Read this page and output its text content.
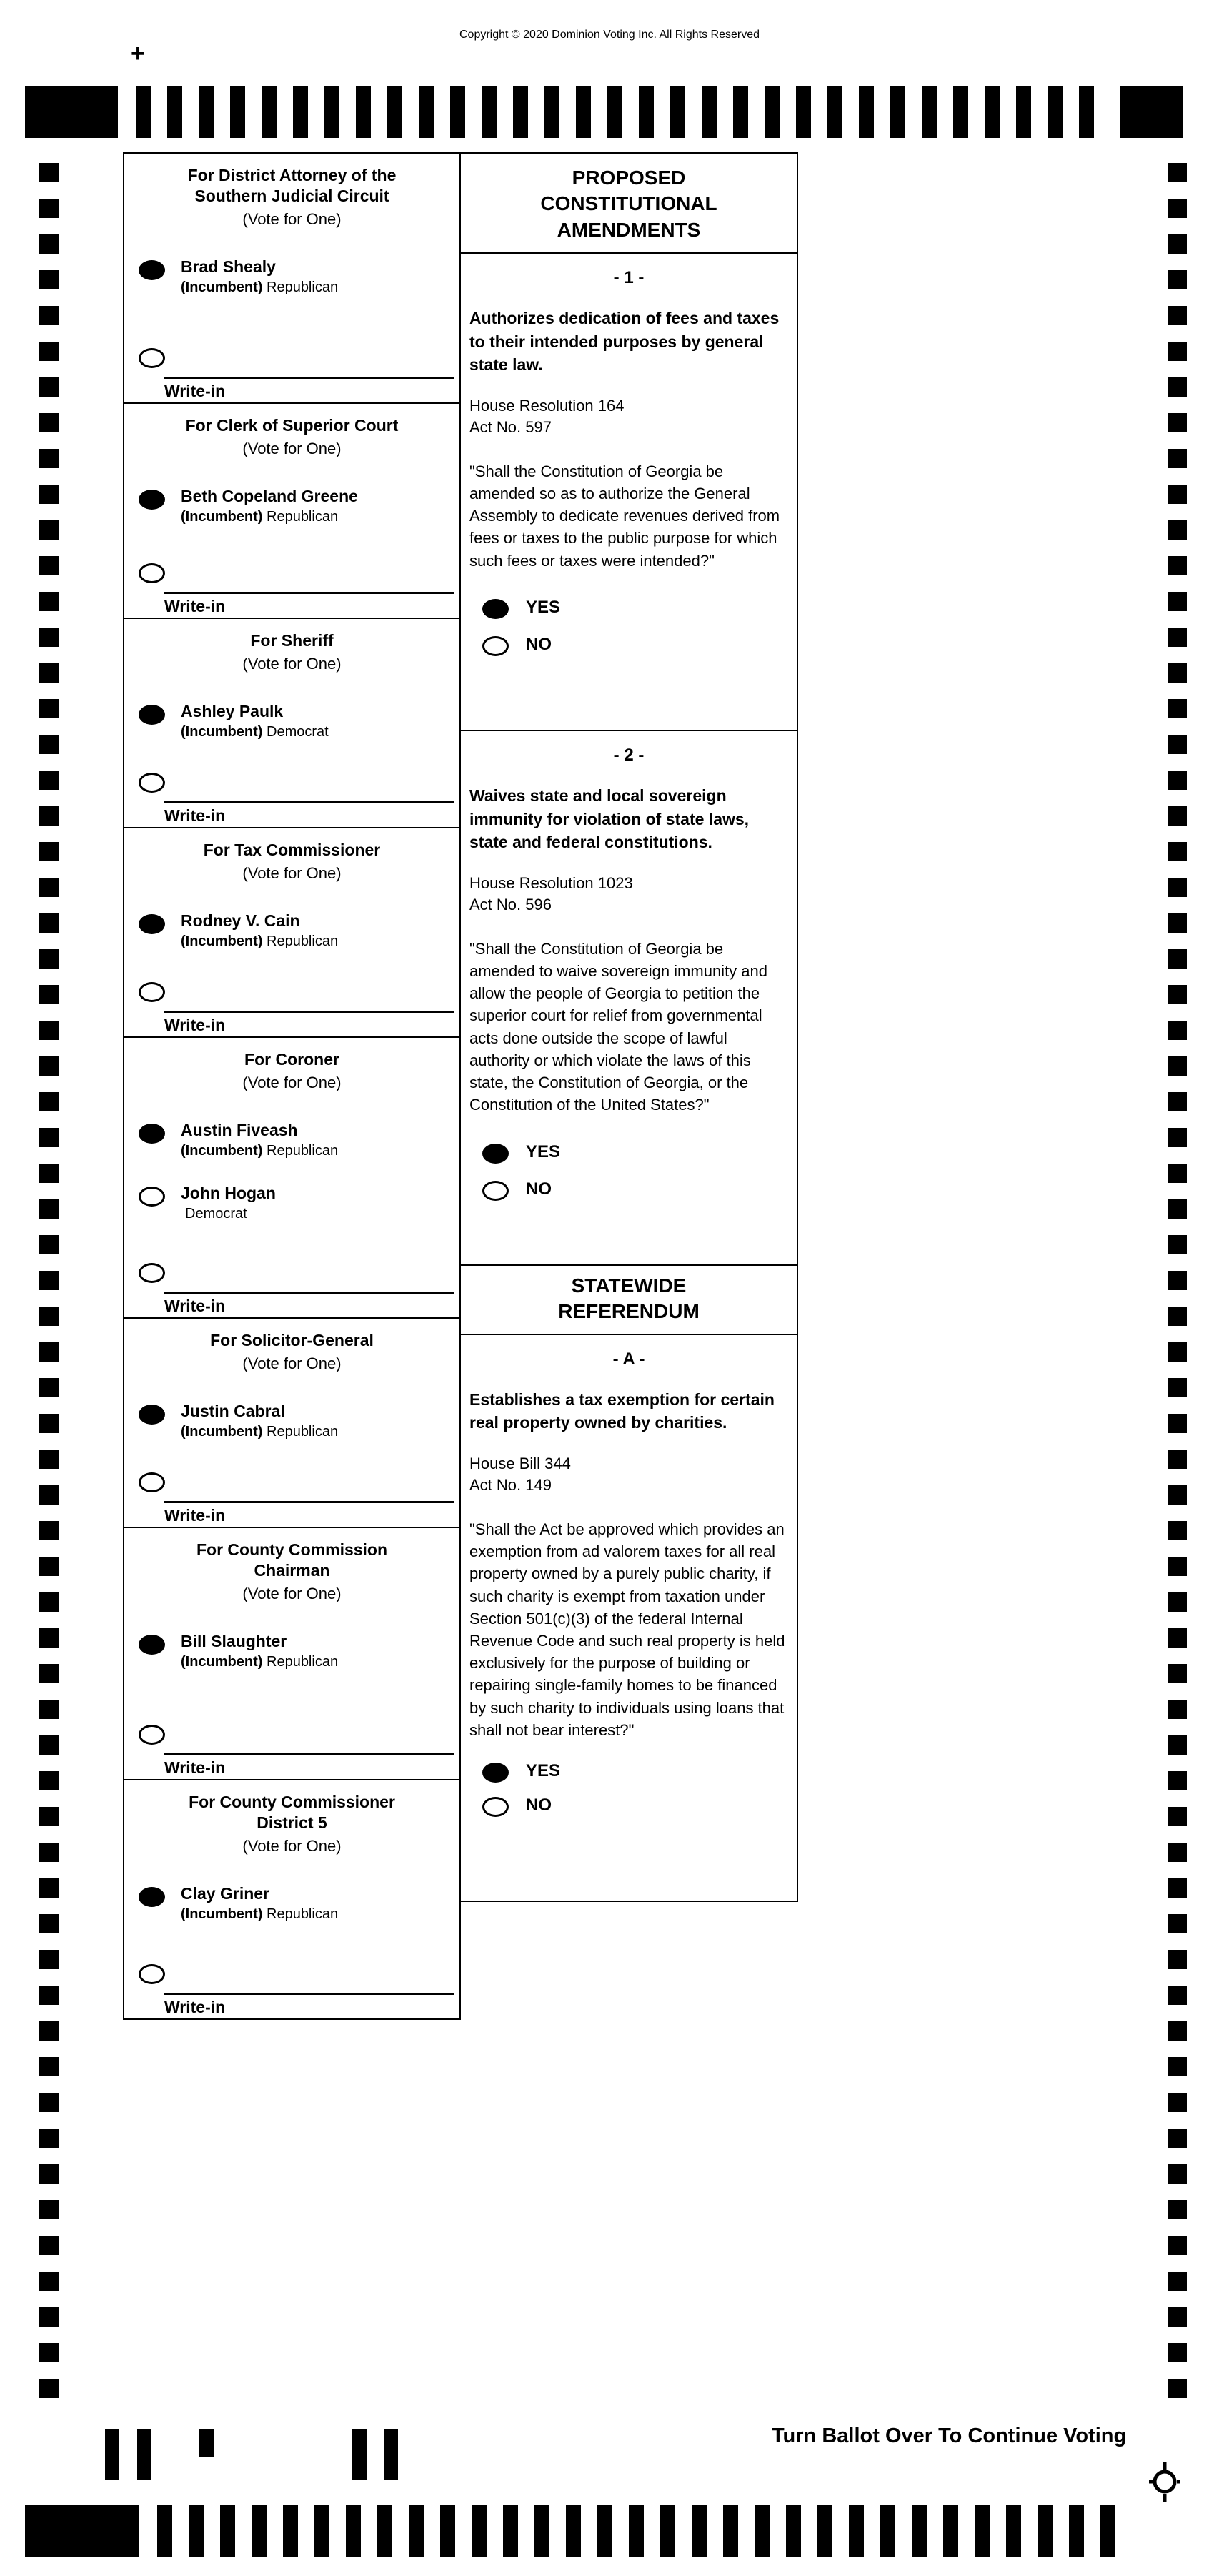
Copyright © 2020 Dominion Voting Inc. All Rights Reserved
+
For District Attorney of the
Southern Judicial Circuit
(Vote for One)
Brad Shealy
(Incumbent) Republican
Write-in
For Clerk of Superior Court
(Vote for One)
Beth Copeland Greene
(Incumbent) Republican
Write-in
For Sheriff
(Vote for One)
Ashley Paulk
(Incumbent) Democrat
Write-in
For Tax Commissioner
(Vote for One)
Rodney V. Cain
(Incumbent) Republican
Write-in
For Coroner
(Vote for One)
Austin Fiveash
(Incumbent) Republican
John Hogan
Democrat
Write-in
For Solicitor-General
(Vote for One)
Justin Cabral
(Incumbent) Republican
Write-in
For County Commission
Chairman
(Vote for One)
Bill Slaughter
(Incumbent) Republican
Write-in
For County Commissioner
District 5
(Vote for One)
Clay Griner
(Incumbent) Republican
Write-in
PROPOSED
CONSTITUTIONAL
AMENDMENTS
- 1 -
Authorizes dedication of fees and taxes to their intended purposes by general state law.
House Resolution 164
Act No. 597
"Shall the Constitution of Georgia be amended so as to authorize the General Assembly to dedicate revenues derived from fees or taxes to the public purpose for which such fees or taxes were intended?"
YES
NO
- 2 -
Waives state and local sovereign immunity for violation of state laws, state and federal constitutions.
House Resolution 1023
Act No. 596
"Shall the Constitution of Georgia be amended to waive sovereign immunity and allow the people of Georgia to petition the superior court for relief from governmental acts done outside the scope of lawful authority or which violate the laws of this state, the Constitution of Georgia, or the Constitution of the United States?"
YES
NO
STATEWIDE
REFERENDUM
- A -
Establishes a tax exemption for certain real property owned by charities.
House Bill 344
Act No. 149
"Shall the Act be approved which provides an exemption from ad valorem taxes for all real property owned by a purely public charity, if such charity is exempt from taxation under Section 501(c)(3) of the federal Internal Revenue Code and such real property is held exclusively for the purpose of building or repairing single-family homes to be financed by such charity to individuals using loans that shall not bear interest?"
YES
NO
Turn Ballot Over To Continue Voting
